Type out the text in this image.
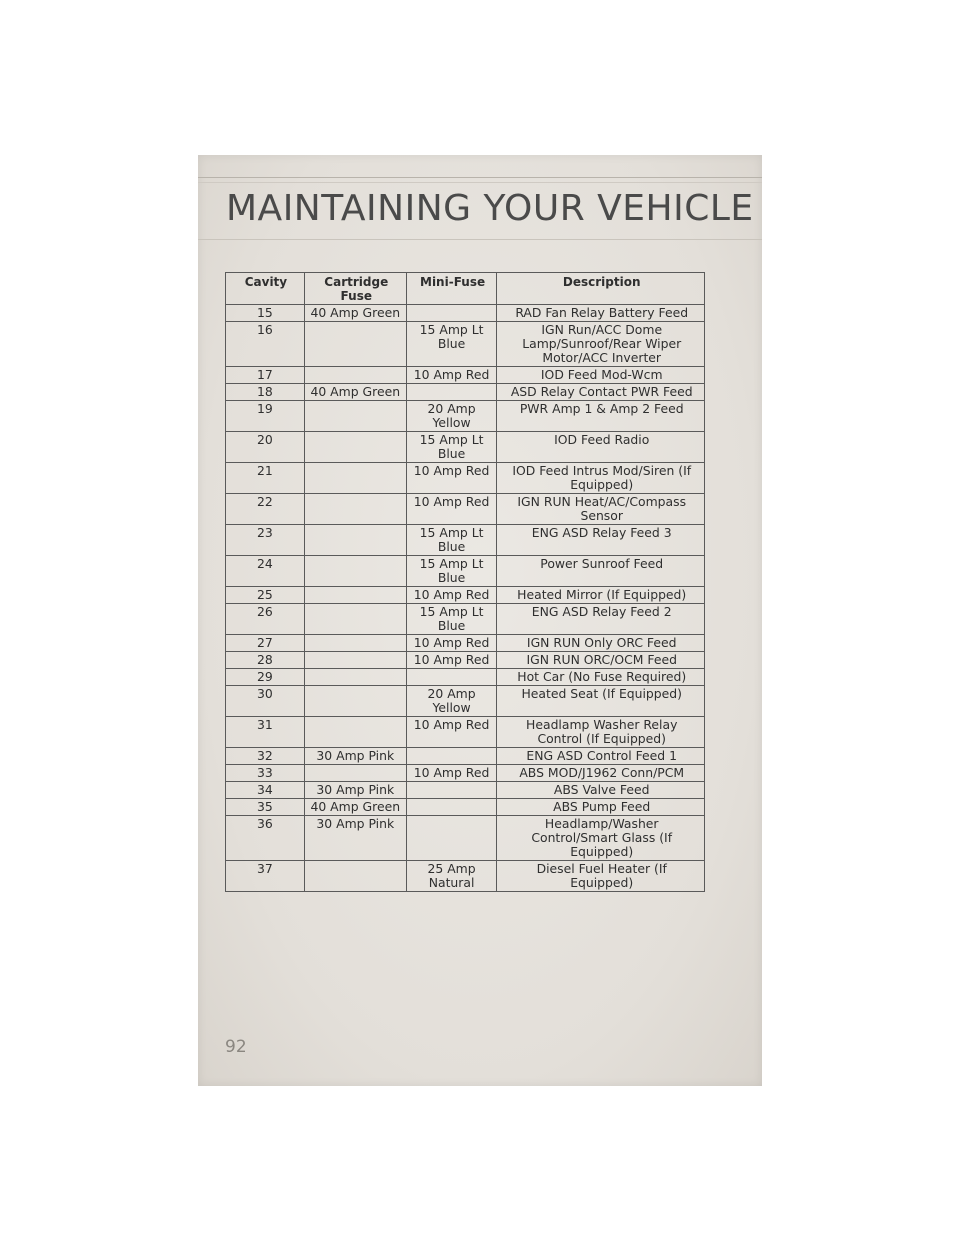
MAINTAINING YOUR VEHICLE
Cavity	Cartridge Fuse	Mini-Fuse	Description
15	40 Amp Green		RAD Fan Relay Battery Feed
16		15 Amp Lt Blue	IGN Run/ACC Dome Lamp/Sunroof/Rear Wiper Motor/ACC Inverter
17		10 Amp Red	IOD Feed Mod-Wcm
18	40 Amp Green		ASD Relay Contact PWR Feed
19		20 Amp Yellow	PWR Amp 1 & Amp 2 Feed
20		15 Amp Lt Blue	IOD Feed Radio
21		10 Amp Red	IOD Feed Intrus Mod/Siren (If Equipped)
22		10 Amp Red	IGN RUN Heat/AC/Compass Sensor
23		15 Amp Lt Blue	ENG ASD Relay Feed 3
24		15 Amp Lt Blue	Power Sunroof Feed
25		10 Amp Red	Heated Mirror (If Equipped)
26		15 Amp Lt Blue	ENG ASD Relay Feed 2
27		10 Amp Red	IGN RUN Only ORC Feed
28		10 Amp Red	IGN RUN ORC/OCM Feed
29			Hot Car (No Fuse Required)
30		20 Amp Yellow	Heated Seat (If Equipped)
31		10 Amp Red	Headlamp Washer Relay Control (If Equipped)
32	30 Amp Pink		ENG ASD Control Feed 1
33		10 Amp Red	ABS MOD/J1962 Conn/PCM
34	30 Amp Pink		ABS Valve Feed
35	40 Amp Green		ABS Pump Feed
36	30 Amp Pink		Headlamp/Washer Control/Smart Glass (If Equipped)
37		25 Amp Natural	Diesel Fuel Heater (If Equipped)
92
